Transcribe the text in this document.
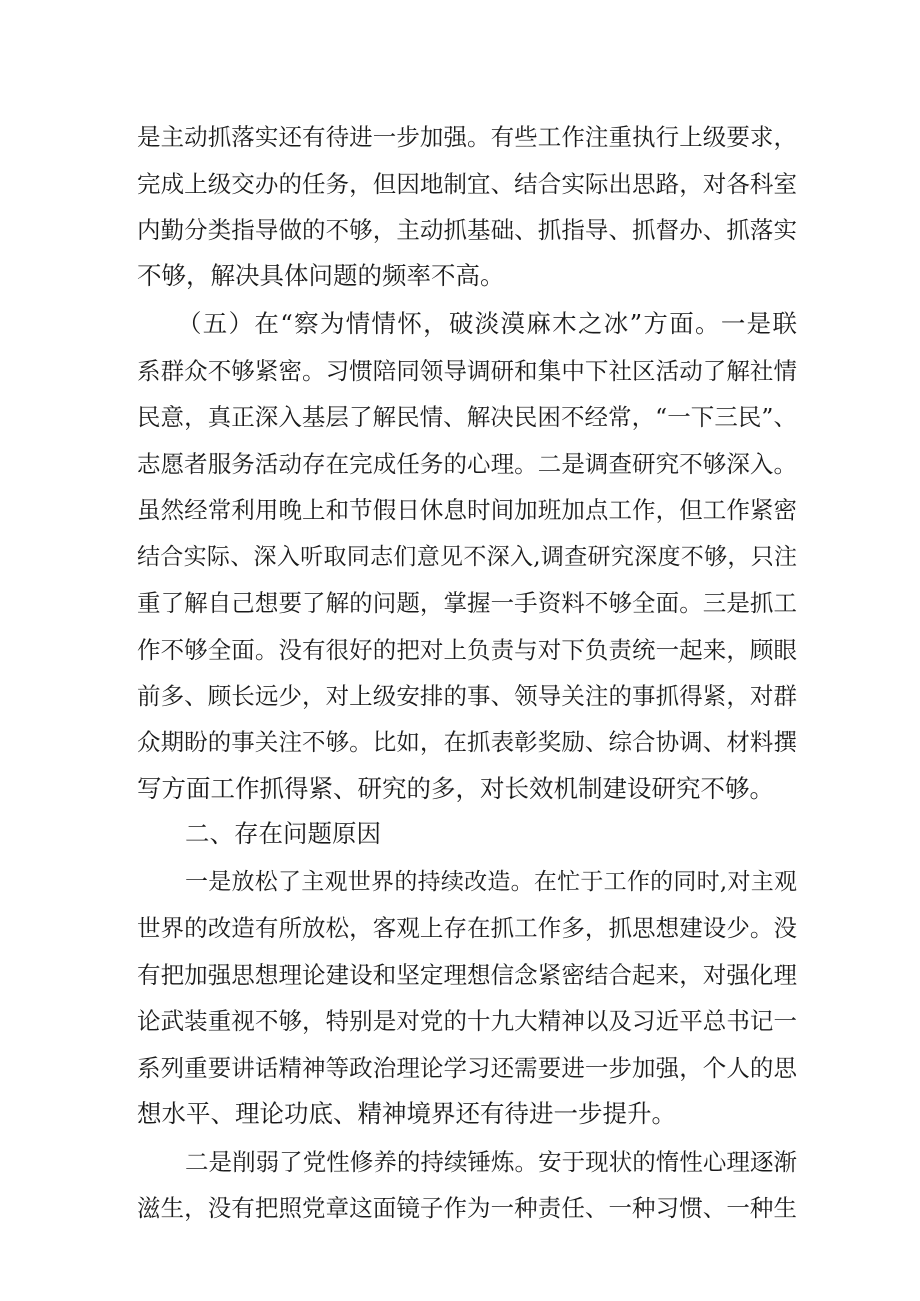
是主动抓落实还有待进一步加强。有些工作注重执行上级要求，
完成上级交办的任务，但因地制宜、结合实际出思路，对各科室
内勤分类指导做的不够，主动抓基础、抓指导、抓督办、抓落实
不够，解决具体问题的频率不高。
（五）在“察为情情怀，破淡漠麻木之冰”方面。一是联
系群众不够紧密。习惯陪同领导调研和集中下社区活动了解社情
民意，真正深入基层了解民情、解决民困不经常，“一下三民”、
志愿者服务活动存在完成任务的心理。二是调查研究不够深入。
虽然经常利用晚上和节假日休息时间加班加点工作，但工作紧密
结合实际、深入听取同志们意见不深入,调查研究深度不够，只注
重了解自己想要了解的问题，掌握一手资料不够全面。三是抓工
作不够全面。没有很好的把对上负责与对下负责统一起来，顾眼
前多、顾长远少，对上级安排的事、领导关注的事抓得紧，对群
众期盼的事关注不够。比如，在抓表彰奖励、综合协调、材料撰
写方面工作抓得紧、研究的多，对长效机制建设研究不够。
二、存在问题原因
一是放松了主观世界的持续改造。在忙于工作的同时,对主观
世界的改造有所放松，客观上存在抓工作多，抓思想建设少。没
有把加强思想理论建设和坚定理想信念紧密结合起来，对强化理
论武装重视不够，特别是对党的十九大精神以及习近平总书记一
系列重要讲话精神等政治理论学习还需要进一步加强，个人的思
想水平、理论功底、精神境界还有待进一步提升。
二是削弱了党性修养的持续锤炼。安于现状的惰性心理逐渐
滋生，没有把照党章这面镜子作为一种责任、一种习惯、一种生
